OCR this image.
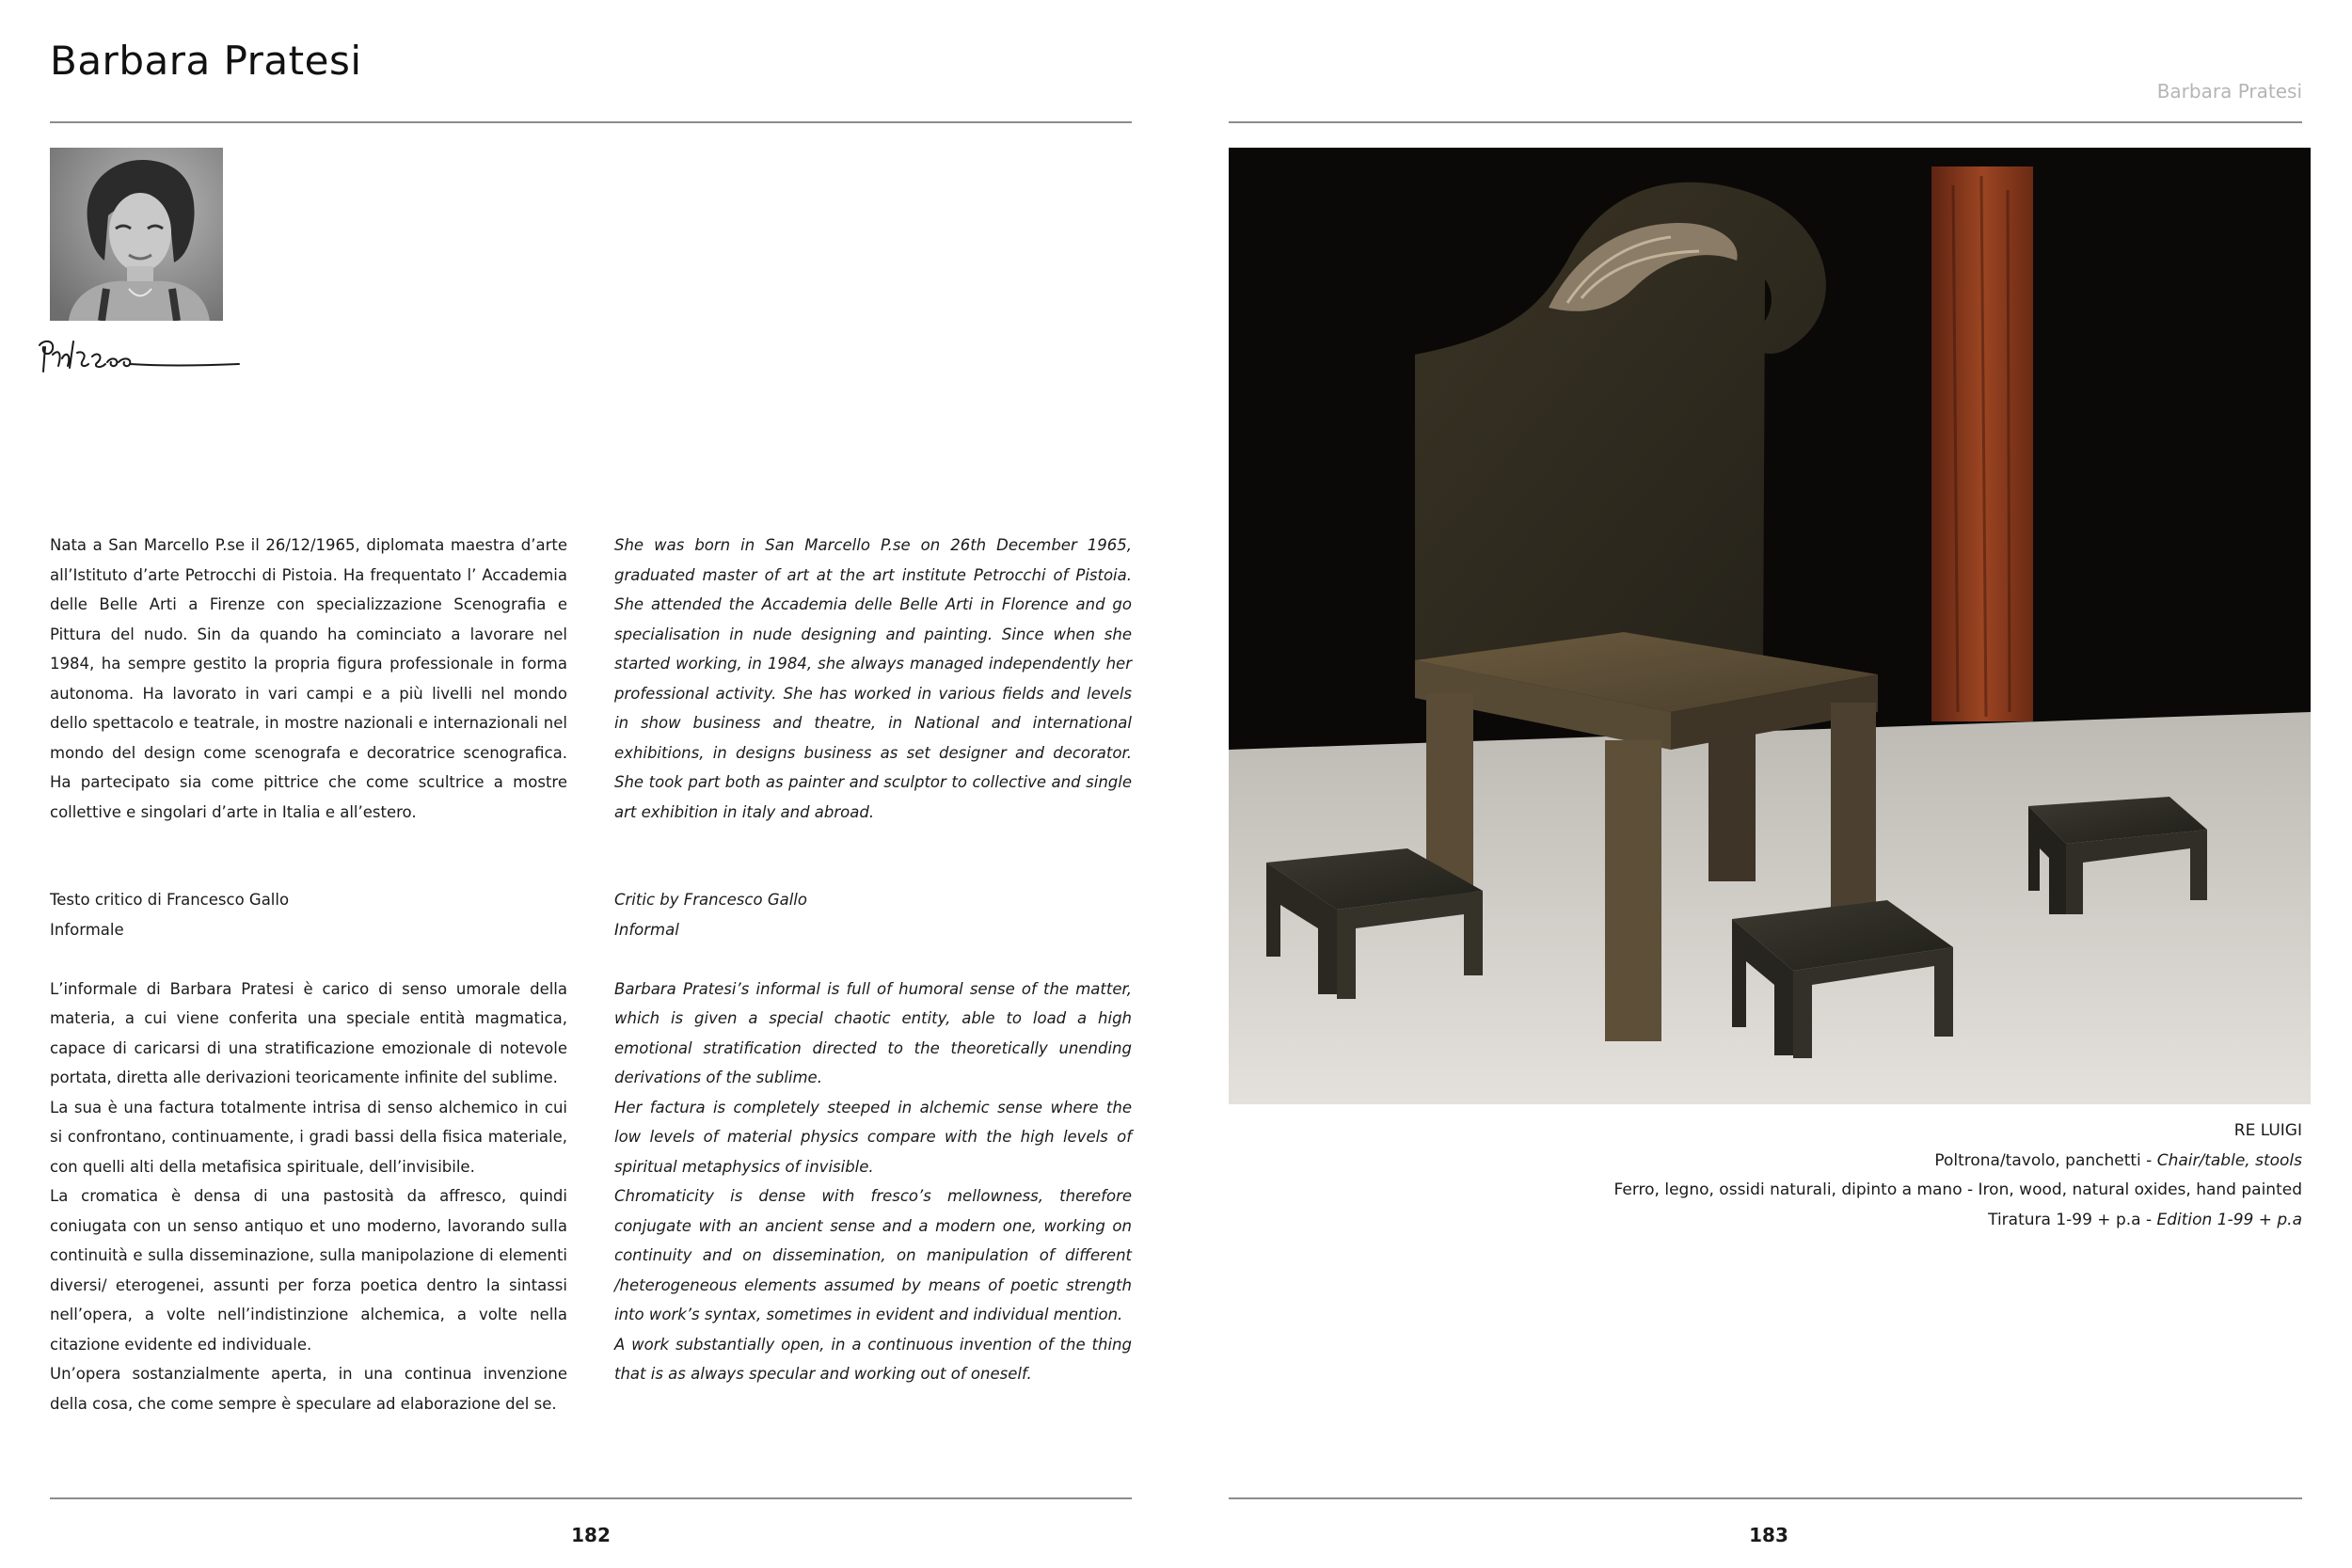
Barbara Pratesi

Nata a San Marcello P.se il 26/12/1965, diplomata maestra d’arte all’Istituto d’arte Petrocchi di Pistoia. Ha frequentato l’ Accademia delle Belle Arti a Firenze con specializzazione Scenografia e Pittura del nudo. Sin da quando ha cominciato a lavorare nel 1984, ha sempre gestito la propria figura professionale in forma autonoma. Ha lavorato in vari campi e a più livelli nel mondo dello spettacolo e teatrale, in mostre nazionali e internazionali nel mondo del design come scenografa e decoratrice scenografica. Ha partecipato sia come pittrice che come scultrice a mostre collettive e singolari d’arte in Italia e all’estero.

She was born in San Marcello P.se on 26th December 1965, graduated master of art at the art institute Petrocchi of Pistoia. She attended the Accademia delle Belle Arti in Florence and go specialisation in nude designing and painting. Since when she started working, in 1984, she always managed independently her professional activity. She has worked in various fields and levels in show business and theatre, in National and international exhibitions, in designs business as set designer and decorator. She took part both as painter and sculptor to collective and single art exhibition in italy and abroad.

Testo critico di Francesco Gallo

Informale

L’informale di Barbara Pratesi è carico di senso umorale della materia, a cui viene conferita una speciale entità magmatica, capace di caricarsi di una stratificazione emozionale di notevole portata, diretta alle derivazioni teoricamente infinite del sublime.

La sua è una factura totalmente intrisa di senso alchemico in cui si confrontano, continuamente, i gradi bassi della fisica materiale, con quelli alti della metafisica spirituale, dell’invisibile.

La cromatica è densa di una pastosità da affresco, quindi coniugata con un senso antiquo et uno moderno, lavorando sulla continuità e sulla disseminazione, sulla manipolazione di elementi diversi/ eterogenei, assunti per forza poetica dentro la sintassi nell’opera, a volte nell’indistinzione alchemica, a volte nella citazione evidente ed individuale.

Un’opera sostanzialmente aperta, in una continua invenzione della cosa, che come sempre è speculare ad elaborazione del se.

Critic by Francesco Gallo

Informal

Barbara Pratesi’s informal is full of humoral sense of the matter, which is given a special chaotic entity, able to load a high emotional stratification directed to the theoretically unending derivations of the sublime.

Her factura is completely steeped in alchemic sense where the low levels of material physics compare with the high levels of spiritual metaphysics of invisible.

Chromaticity is dense with fresco’s mellowness, therefore conjugate with an ancient sense and a modern one, working on continuity and on dissemination, on manipulation of different /heterogeneous elements assumed by means of poetic strength into work’s syntax, sometimes in evident and individual mention.

A work substantially open, in a continuous invention of the thing that is as always specular and working out of oneself.

182
Barbara Pratesi

RE LUIGI

Poltrona/tavolo, panchetti - Chair/table, stools

Ferro, legno, ossidi naturali, dipinto a mano - Iron, wood, natural oxides, hand painted

Tiratura 1-99 + p.a - Edition 1-99 + p.a

183
